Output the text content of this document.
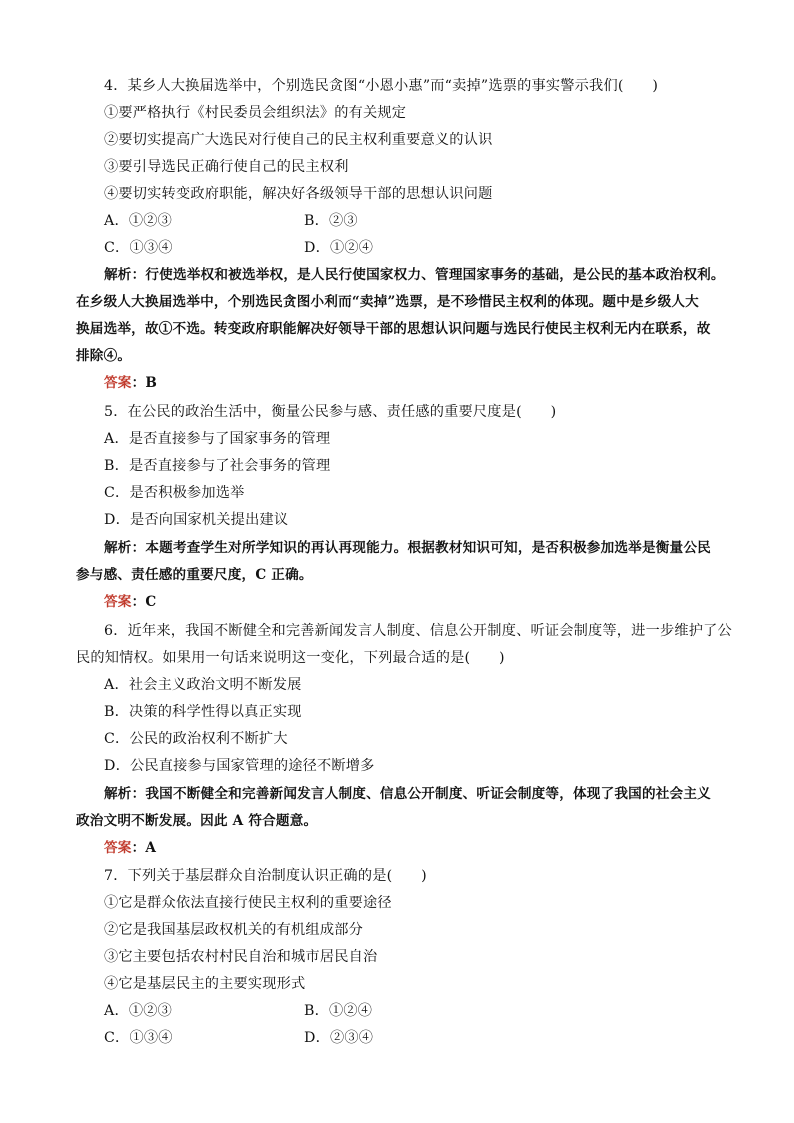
4．某乡人大换届选举中，个别选民贪图“小恩小惠”而“卖掉”选票的事实警示我们(　　)
①要严格执行《村民委员会组织法》的有关规定
②要切实提高广大选民对行使自己的民主权利重要意义的认识
③要引导选民正确行使自己的民主权利
④要切实转变政府职能，解决好各级领导干部的思想认识问题
A．①②③	B．②③
C．①③④	D．①②④
解析：行使选举权和被选举权，是人民行使国家权力、管理国家事务的基础，是公民的基本政治权利。
在乡级人大换届选举中，个别选民贪图小利而“卖掉”选票，是不珍惜民主权利的体现。题中是乡级人大
换届选举，故①不选。转变政府职能解决好领导干部的思想认识问题与选民行使民主权利无内在联系，故
排除④。
答案：B
5．在公民的政治生活中，衡量公民参与感、责任感的重要尺度是(　　)
A．是否直接参与了国家事务的管理
B．是否直接参与了社会事务的管理
C．是否积极参加选举
D．是否向国家机关提出建议
解析：本题考查学生对所学知识的再认再现能力。根据教材知识可知，是否积极参加选举是衡量公民
参与感、责任感的重要尺度，C 正确。
答案：C
6．近年来，我国不断健全和完善新闻发言人制度、信息公开制度、听证会制度等，进一步维护了公
民的知情权。如果用一句话来说明这一变化，下列最合适的是(　　)
A．社会主义政治文明不断发展
B．决策的科学性得以真正实现
C．公民的政治权利不断扩大
D．公民直接参与国家管理的途径不断增多
解析：我国不断健全和完善新闻发言人制度、信息公开制度、听证会制度等，体现了我国的社会主义
政治文明不断发展。因此 A 符合题意。
答案：A
7．下列关于基层群众自治制度认识正确的是(　　)
①它是群众依法直接行使民主权利的重要途径
②它是我国基层政权机关的有机组成部分
③它主要包括农村村民自治和城市居民自治
④它是基层民主的主要实现形式
A．①②③	B．①②④
C．①③④	D．②③④
